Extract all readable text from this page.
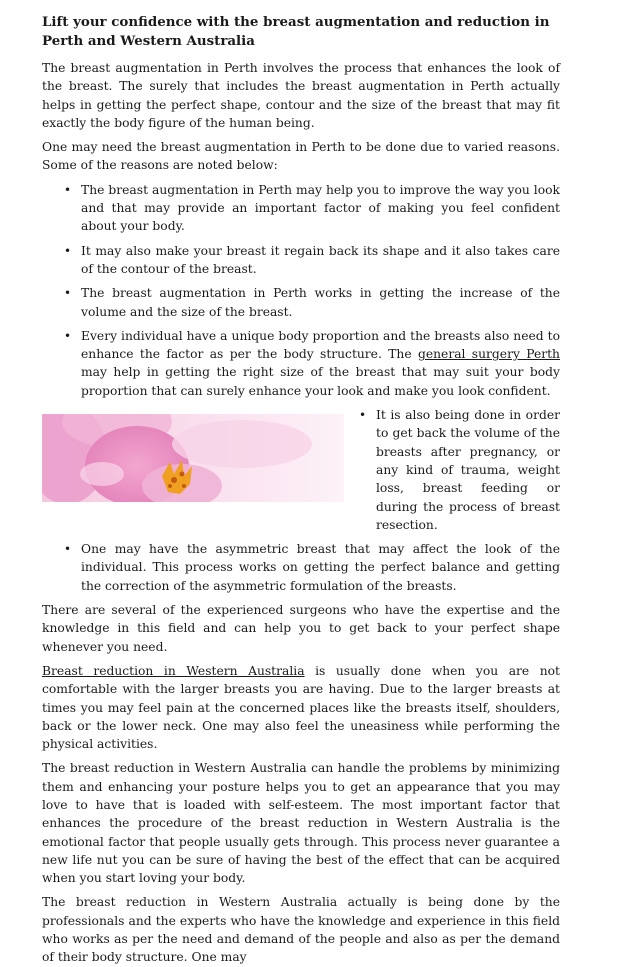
Lift your confidence with the breast augmentation and reduction in Perth and Western Australia

The breast augmentation in Perth involves the process that enhances the look of the breast. The surely that includes the breast augmentation in Perth actually helps in getting the perfect shape, contour and the size of the breast that may fit exactly the body figure of the human being.

One may need the breast augmentation in Perth to be done due to varied reasons. Some of the reasons are noted below:

• The breast augmentation in Perth may help you to improve the way you look and that may provide an important factor of making you feel confident about your body.
• It may also make your breast it regain back its shape and it also takes care of the contour of the breast.
• The breast augmentation in Perth works in getting the increase of the volume and the size of the breast.
• Every individual have a unique body proportion and the breasts also need to enhance the factor as per the body structure. The general surgery Perth may help in getting the right size of the breast that may suit your body proportion that can surely enhance your look and make you look confident.
• It is also being done in order to get back the volume of the breasts after pregnancy, or any kind of trauma, weight loss, breast feeding or during the process of breast resection.
• One may have the asymmetric breast that may affect the look of the individual. This process works on getting the perfect balance and getting the correction of the asymmetric formulation of the breasts.

There are several of the experienced surgeons who have the expertise and the knowledge in this field and can help you to get back to your perfect shape whenever you need.

Breast reduction in Western Australia is usually done when you are not comfortable with the larger breasts you are having. Due to the larger breasts at times you may feel pain at the concerned places like the breasts itself, shoulders, back or the lower neck. One may also feel the uneasiness while performing the physical activities.

The breast reduction in Western Australia can handle the problems by minimizing them and enhancing your posture helps you to get an appearance that you may love to have that is loaded with self-esteem. The most important factor that enhances the procedure of the breast reduction in Western Australia is the emotional factor that people usually gets through. This process never guarantee a new life nut you can be sure of having the best of the effect that can be acquired when you start loving your body.

The breast reduction in Western Australia actually is being done by the professionals and the experts who have the knowledge and experience in this field who works as per the need and demand of the people and also as per the demand of their body structure. One may
